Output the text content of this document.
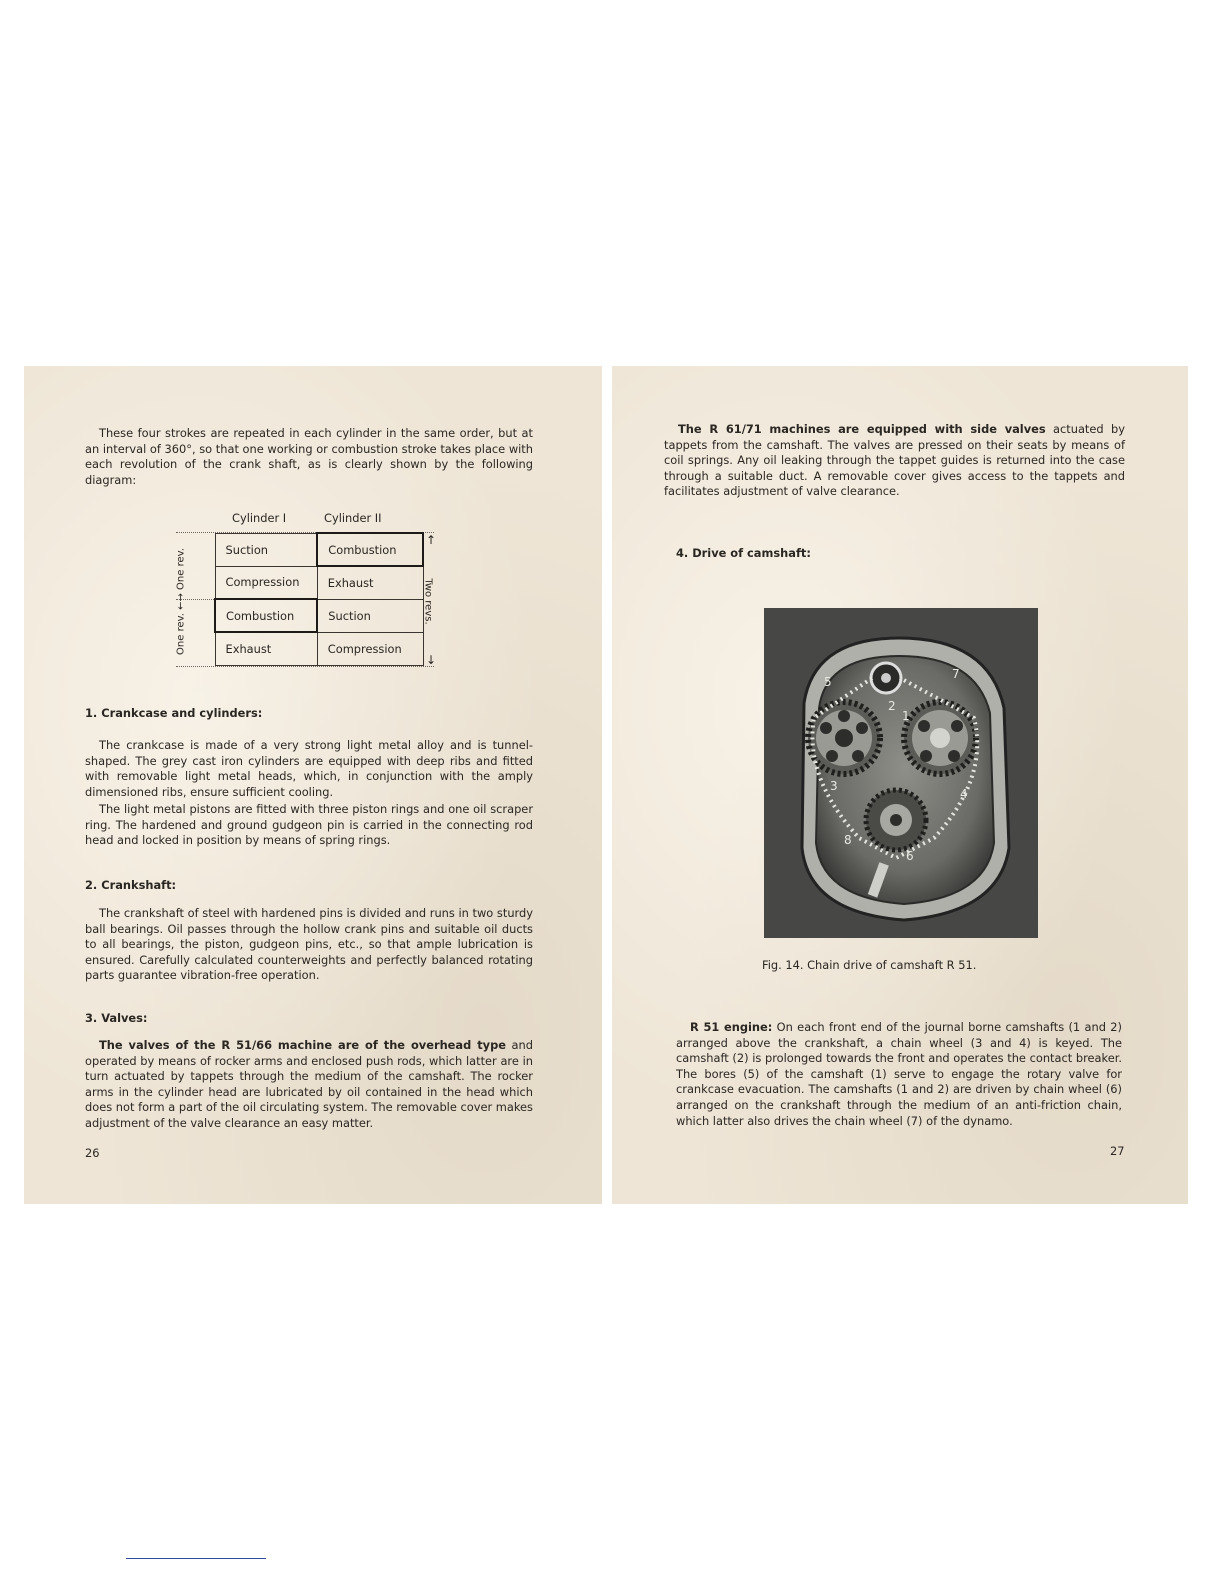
These four strokes are repeated in each cylinder in the same order, but at an interval of 360°, so that one working or combustion stroke takes place with each revolution of the crank shaft, as is clearly shown by the following diagram:

Cylinder I	Cylinder II
Suction	Combustion
Compression	Exhaust
Combustion	Suction
Exhaust	Compression
One rev. ←→ One rev.	Two revs.
↑
↓
1. Crankcase and cylinders:

The crankcase is made of a very strong light metal alloy and is tunnel-shaped. The grey cast iron cylinders are equipped with deep ribs and fitted with removable light metal heads, which, in conjunction with the amply dimensioned ribs, ensure sufficient cooling.

The light metal pistons are fitted with three piston rings and one oil scraper ring. The hardened and ground gudgeon pin is carried in the connecting rod head and locked in position by means of spring rings.

2. Crankshaft:

The crankshaft of steel with hardened pins is divided and runs in two sturdy ball bearings. Oil passes through the hollow crank pins and suitable oil ducts to all bearings, the piston, gudgeon pins, etc., so that ample lubrication is ensured. Carefully calculated counterweights and perfectly balanced rotating parts guarantee vibration-free operation.

3. Valves:

The valves of the R 51/66 machine are of the overhead type and operated by means of rocker arms and enclosed push rods, which latter are in turn actuated by tappets through the medium of the camshaft. The rocker arms in the cylinder head are lubricated by oil contained in the head which does not form a part of the oil circulating system. The removable cover makes adjustment of the valve clearance an easy matter.

26

The R 61/71 machines are equipped with side valves actuated by tappets from the camshaft. The valves are pressed on their seats by means of coil springs. Any oil leaking through the tappet guides is returned into the case through a suitable duct. A removable cover gives access to the tappets and facilitates adjustment of valve clearance.

4. Drive of camshaft:
1
2
3
4
5
6
7
8
Fig. 14. Chain drive of camshaft R 51.

R 51 engine: On each front end of the journal borne camshafts (1 and 2) arranged above the crankshaft, a chain wheel (3 and 4) is keyed. The camshaft (2) is prolonged towards the front and operates the contact breaker. The bores (5) of the camshaft (1) serve to engage the rotary valve for crankcase evacuation. The camshafts (1 and 2) are driven by chain wheel (6) arranged on the crankshaft through the medium of an anti-friction chain, which latter also drives the chain wheel (7) of the dynamo.

27
